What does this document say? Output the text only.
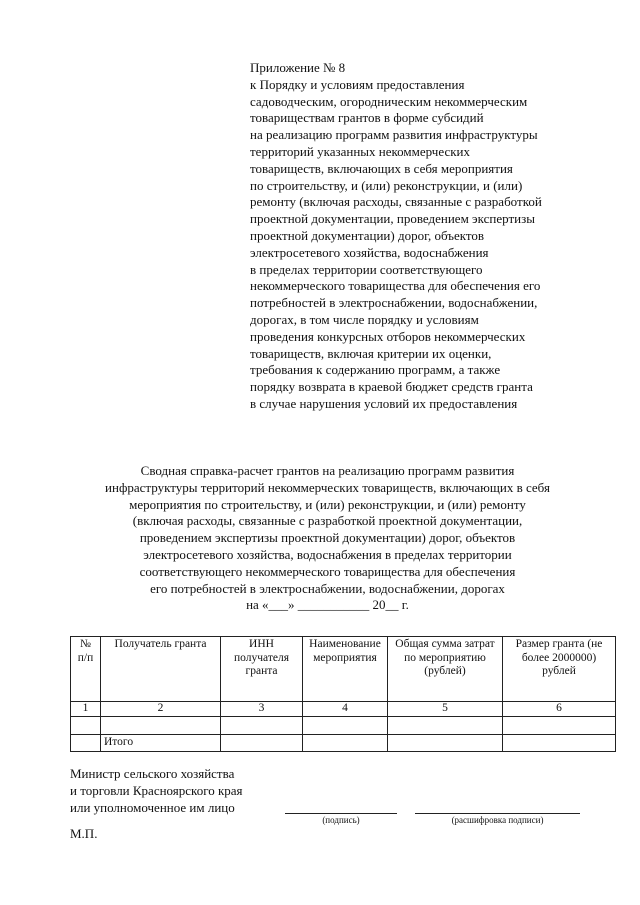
Приложение № 8
к Порядку и условиям предоставления
садоводческим, огородническим некоммерческим
товариществам грантов в форме субсидий
на реализацию программ развития инфраструктуры
территорий указанных некоммерческих
товариществ, включающих в себя мероприятия
по строительству, и (или) реконструкции, и (или)
ремонту (включая расходы, связанные с разработкой
проектной документации, проведением экспертизы
проектной документации) дорог, объектов
электросетевого хозяйства, водоснабжения
в пределах территории соответствующего
некоммерческого товарищества для обеспечения его
потребностей в электроснабжении, водоснабжении,
дорогах, в том числе порядку и условиям
проведения конкурсных отборов некоммерческих
товариществ, включая критерии их оценки,
требования к содержанию программ, а также
порядку возврата в краевой бюджет средств гранта
в случае нарушения условий их предоставления
Сводная справка-расчет грантов на реализацию программ развития
инфраструктуры территорий некоммерческих товариществ, включающих в себя
мероприятия по строительству, и (или) реконструкции, и (или) ремонту
(включая расходы, связанные с разработкой проектной документации,
проведением экспертизы проектной документации) дорог, объектов
электросетевого хозяйства, водоснабжения в пределах территории
соответствующего некоммерческого товарищества для обеспечения
его потребностей в электроснабжении, водоснабжении, дорогах
на «___» ___________ 20__ г.
№ п/п	Получатель гранта	ИНН получателя гранта	Наименование мероприятия	Общая сумма затрат по мероприятию (рублей)	Размер гранта (не более 2000000) рублей
1	2	3	4	5	6

	Итого				
Министр сельского хозяйства
и торговли Красноярского края
или уполномоченное им лицо
(подпись)	(расшифровка подписи)
М.П.
